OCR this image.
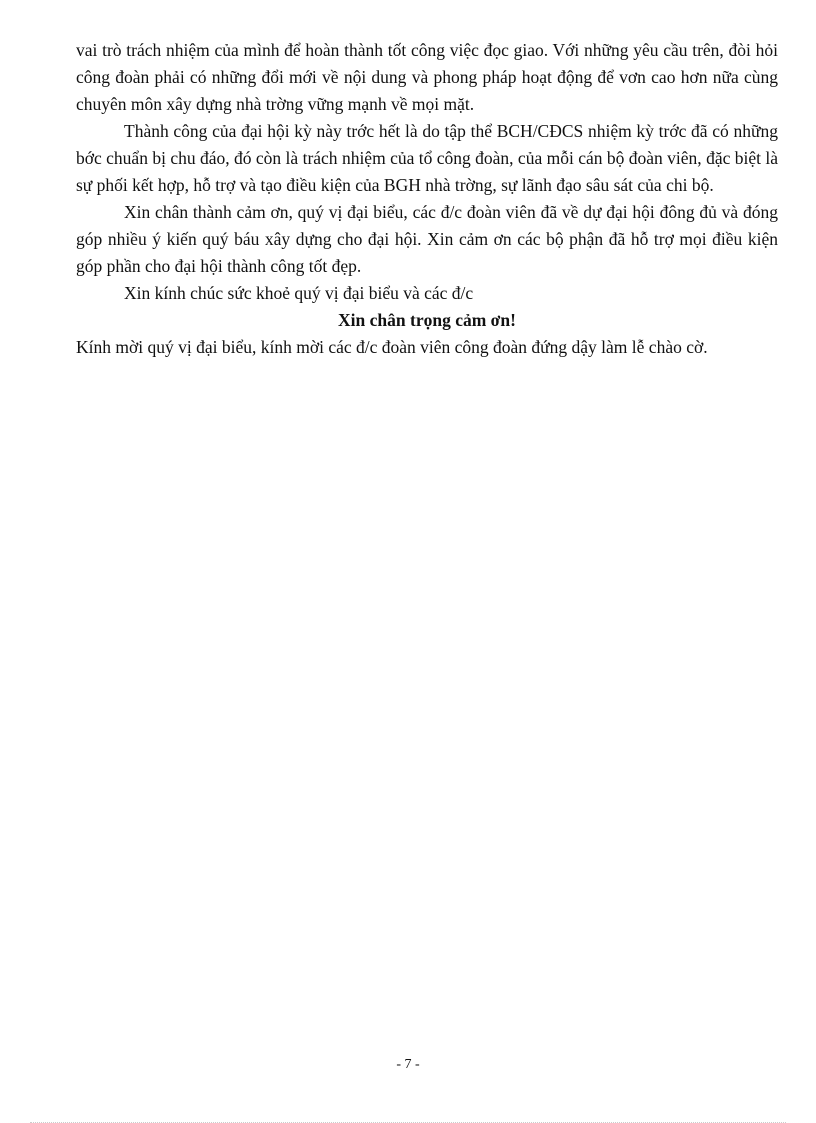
vai trò trách nhiệm của mình để hoàn thành tốt công việc đọc giao. Với những yêu cầu trên, đòi hỏi công đoàn phải có những đổi mới về nội dung và phong pháp hoạt động để vơn cao hơn nữa cùng chuyên môn xây dựng nhà trờng vững mạnh về mọi mặt.

Thành công của đại hội kỳ này trớc hết là do tập thể BCH/CĐCS nhiệm kỳ trớc đã có những bớc chuẩn bị chu đáo, đó còn là trách nhiệm của tổ công đoàn, của mỗi cán bộ đoàn viên, đặc biệt là sự phối kết hợp, hỗ trợ và tạo điều kiện của BGH nhà trờng, sự lãnh đạo sâu sát của chi bộ.

Xin chân thành cảm ơn, quý vị đại biểu, các đ/c đoàn viên đã về dự đại hội đông đủ và đóng góp nhiều ý kiến quý báu xây dựng cho đại hội. Xin cảm ơn các bộ phận đã hỗ trợ mọi điều kiện góp phần cho đại hội thành công tốt đẹp.

Xin kính chúc sức khoẻ quý vị đại biểu và các đ/c

Xin chân trọng cảm ơn!

Kính mời quý vị đại biểu, kính mời các đ/c đoàn viên công đoàn đứng dậy làm lễ chào cờ.

- 7 -
